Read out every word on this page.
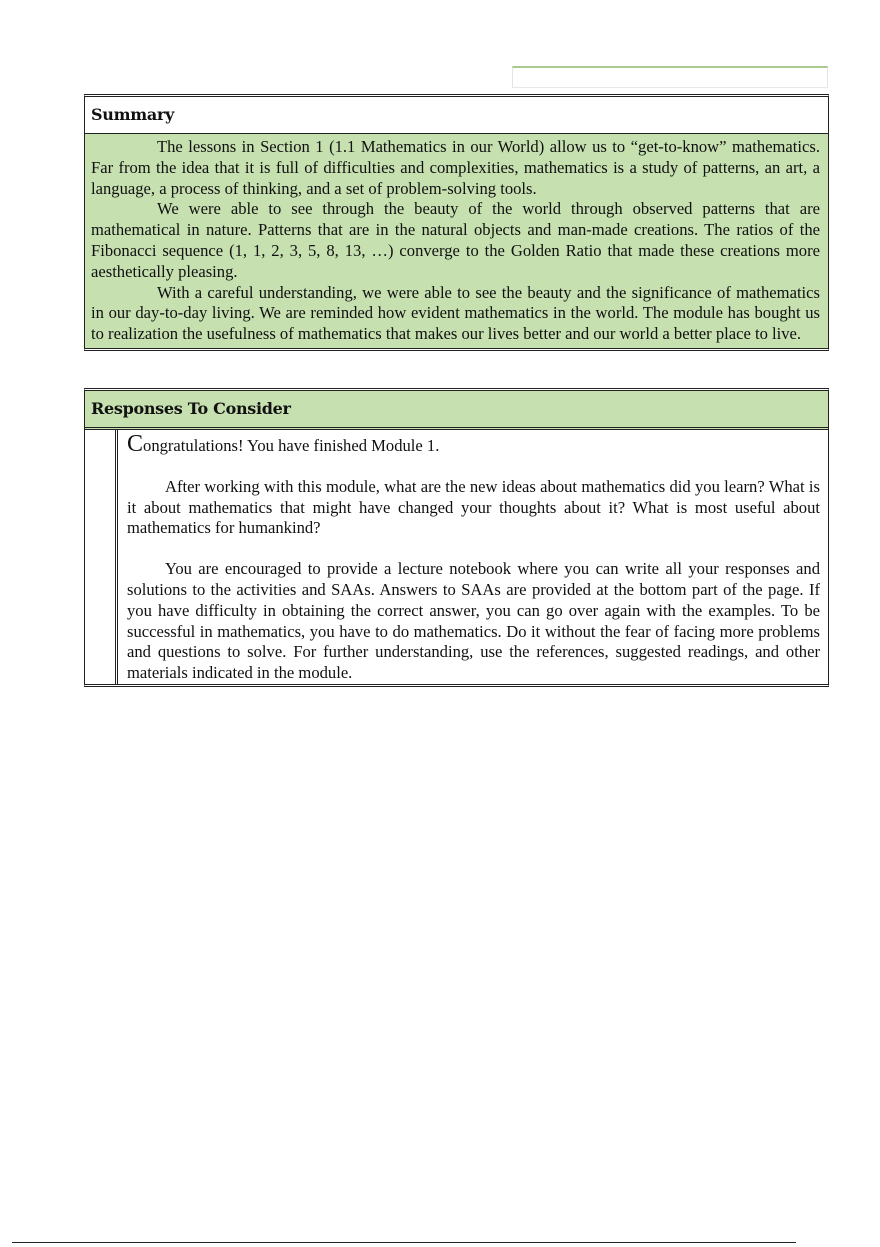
Summary

The lessons in Section 1 (1.1 Mathematics in our World) allow us to “get-to-know” mathematics. Far from the idea that it is full of difficulties and complexities, mathematics is a study of patterns, an art, a language, a process of thinking, and a set of problem-solving tools.

We were able to see through the beauty of the world through observed patterns that are mathematical in nature. Patterns that are in the natural objects and man-made creations. The ratios of the Fibonacci sequence (1, 1, 2, 3, 5, 8, 13, …) converge to the Golden Ratio that made these creations more aesthetically pleasing.

With a careful understanding, we were able to see the beauty and the significance of mathematics in our day-to-day living. We are reminded how evident mathematics in the world. The module has bought us to realization the usefulness of mathematics that makes our lives better and our world a better place to live.

Responses To Consider

Congratulations! You have finished Module 1.

After working with this module, what are the new ideas about mathematics did you learn? What is it about mathematics that might have changed your thoughts about it? What is most useful about mathematics for humankind?

You are encouraged to provide a lecture notebook where you can write all your responses and solutions to the activities and SAAs. Answers to SAAs are provided at the bottom part of the page. If you have difficulty in obtaining the correct answer, you can go over again with the examples. To be successful in mathematics, you have to do mathematics. Do it without the fear of facing more problems and questions to solve. For further understanding, use the references, suggested readings, and other materials indicated in the module.
